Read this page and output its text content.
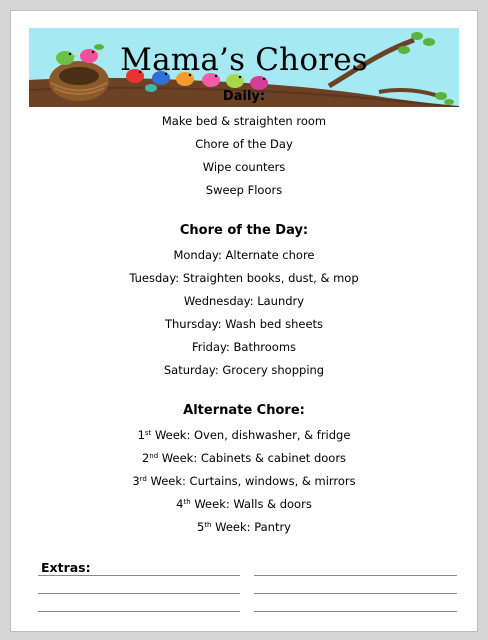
Mama’s Chores
Daily:
Make bed & straighten room
Chore of the Day
Wipe counters
Sweep Floors
Chore of the Day:
Monday: Alternate chore
Tuesday: Straighten books, dust, & mop
Wednesday: Laundry
Thursday: Wash bed sheets
Friday: Bathrooms
Saturday: Grocery shopping
Alternate Chore:
1st Week: Oven, dishwasher, & fridge
2nd Week: Cabinets & cabinet doors
3rd Week: Curtains, windows, & mirrors
4th Week: Walls & doors
5th Week: Pantry
Extras:
